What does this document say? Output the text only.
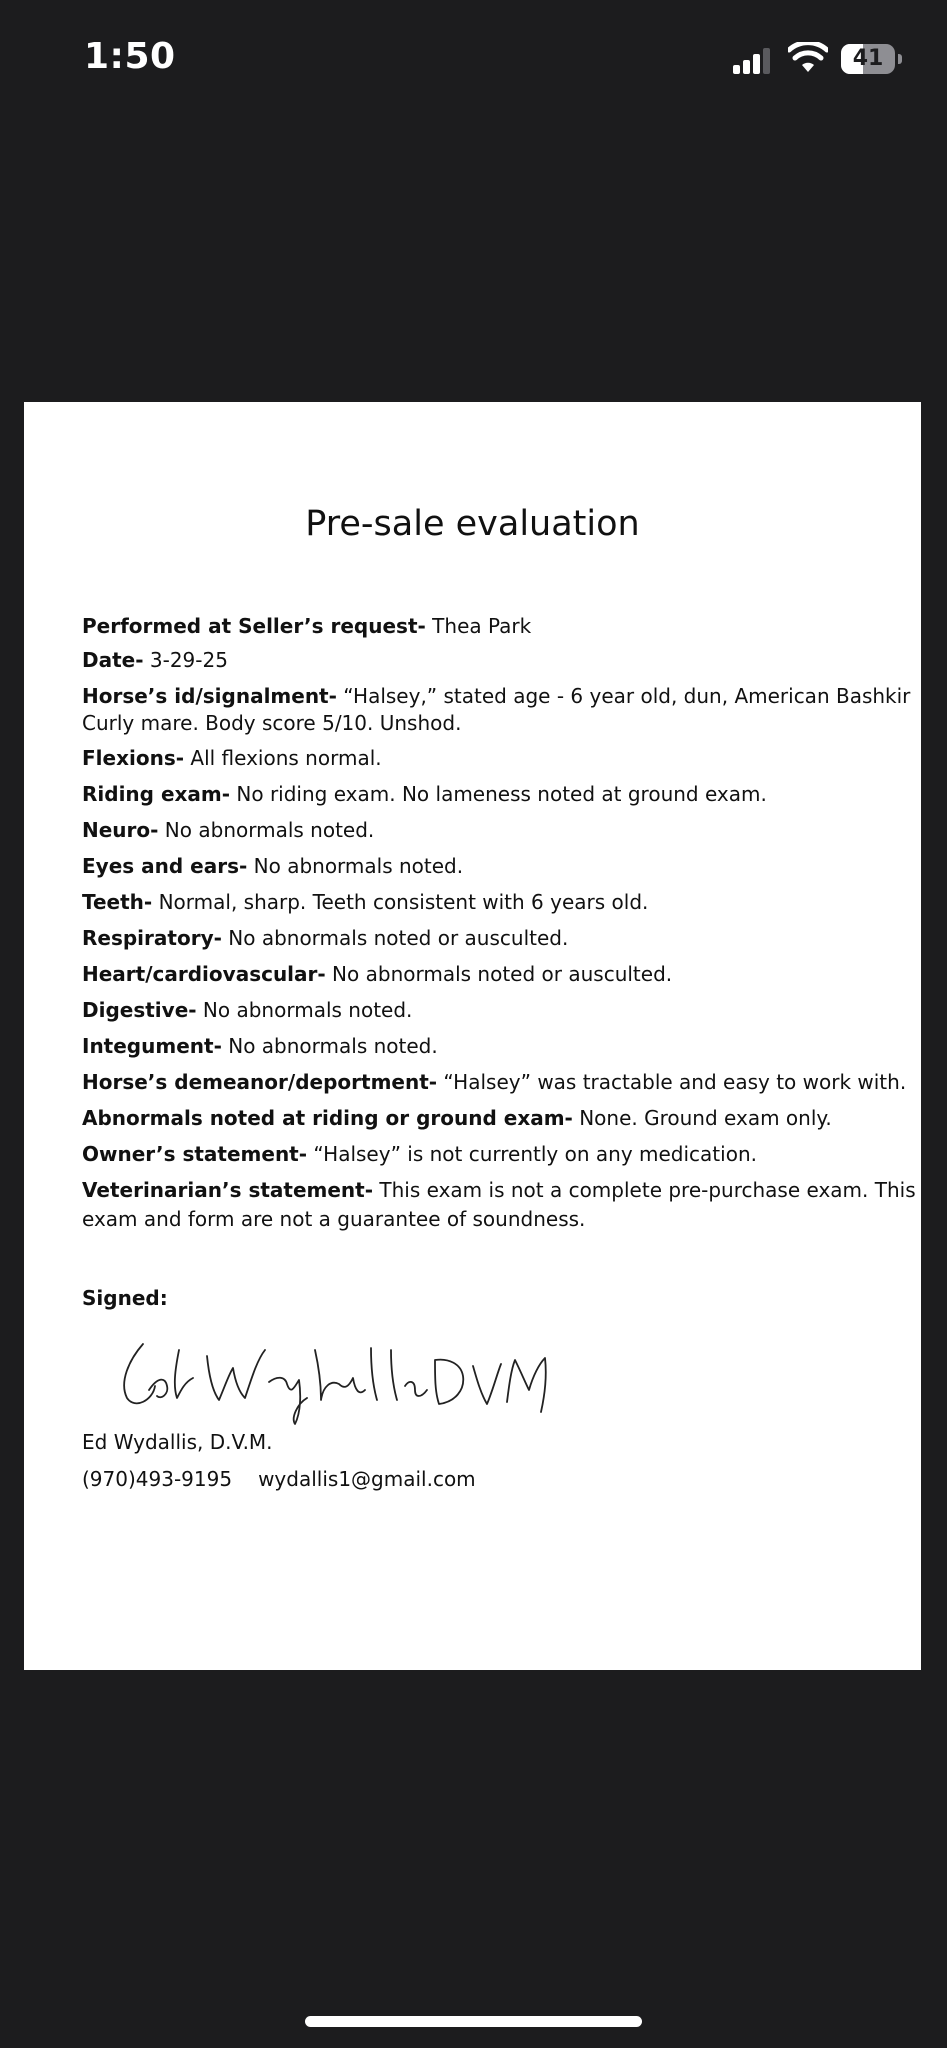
1:50	41
Pre-sale evaluation
Performed at Seller’s request- Thea Park
Date- 3-29-25
Horse’s id/signalment- “Halsey,” stated age - 6 year old, dun, American Bashkir
Curly mare. Body score 5/10. Unshod.
Flexions- All flexions normal.
Riding exam- No riding exam. No lameness noted at ground exam.
Neuro- No abnormals noted.
Eyes and ears- No abnormals noted.
Teeth- Normal, sharp. Teeth consistent with 6 years old.
Respiratory- No abnormals noted or ausculted.
Heart/cardiovascular- No abnormals noted or ausculted.
Digestive- No abnormals noted.
Integument- No abnormals noted.
Horse’s demeanor/deportment- “Halsey” was tractable and easy to work with.
Abnormals noted at riding or ground exam- None. Ground exam only.
Owner’s statement- “Halsey” is not currently on any medication.
Veterinarian’s statement- This exam is not a complete pre-purchase exam. This
exam and form are not a guarantee of soundness.
Signed:
Ed Wydallis, D.V.M.
(970)493-9195 wydallis1@gmail.com
